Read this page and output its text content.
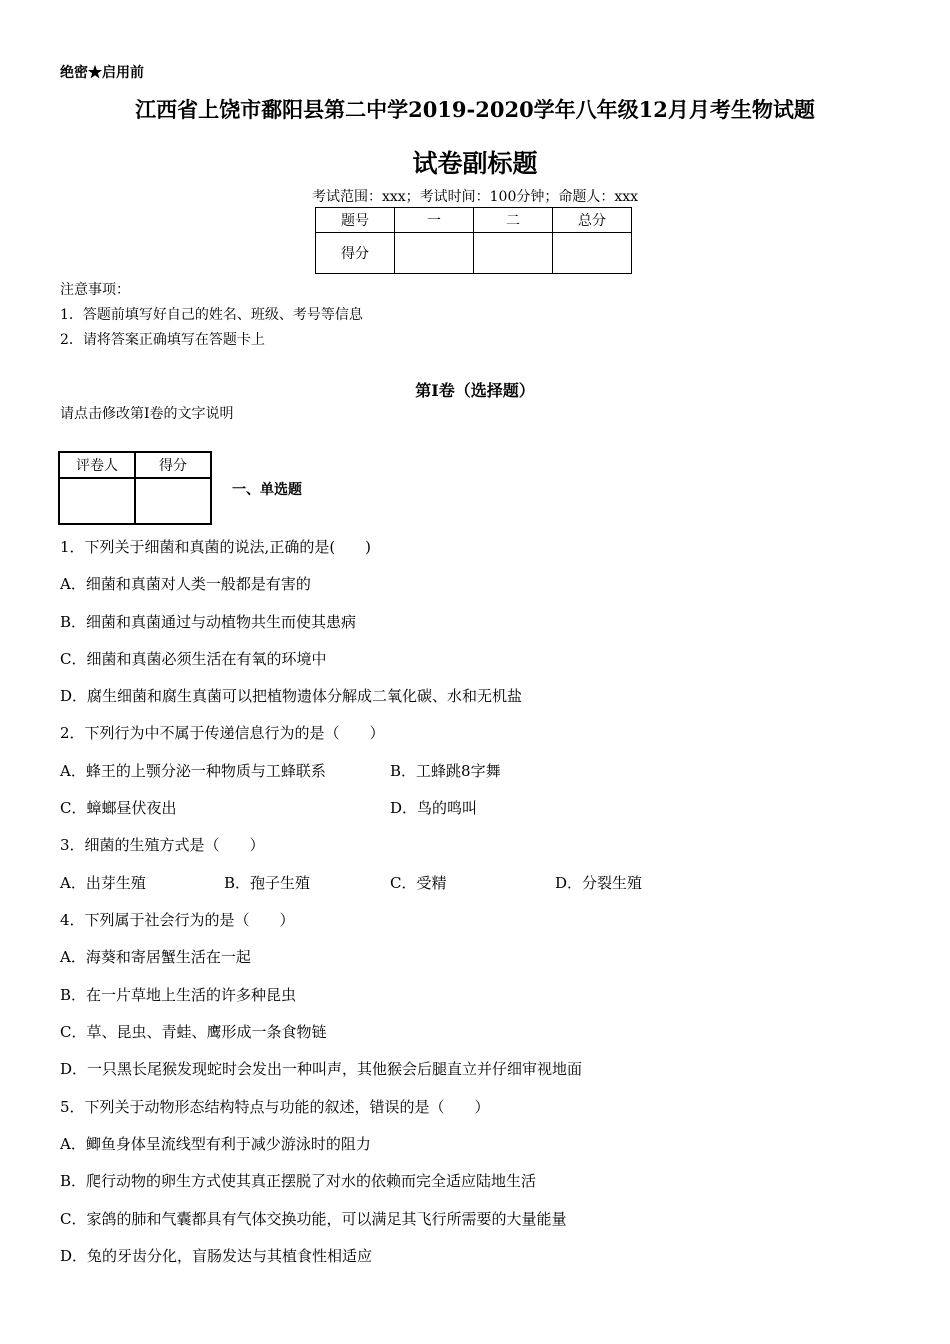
绝密★启用前
江西省上饶市鄱阳县第二中学2019-2020学年八年级12月月考生物试题
试卷副标题
考试范围：xxx；考试时间：100分钟；命题人：xxx
题号	一	二	总分
得分			
注意事项：
1．答题前填写好自己的姓名、班级、考号等信息
2．请将答案正确填写在答题卡上
第I卷（选择题）
请点击修改第I卷的文字说明
评卷人	得分

一、单选题
1．下列关于细菌和真菌的说法,正确的是(　　)
A．细菌和真菌对人类一般都是有害的
B．细菌和真菌通过与动植物共生而使其患病
C．细菌和真菌必须生活在有氧的环境中
D．腐生细菌和腐生真菌可以把植物遗体分解成二氧化碳、水和无机盐
2．下列行为中不属于传递信息行为的是（　　）
A．蜂王的上颚分泌一种物质与工蜂联系	B．工蜂跳8字舞
C．蟑螂昼伏夜出	D．鸟的鸣叫
3．细菌的生殖方式是（　　）
A．出芽生殖	B．孢子生殖	C．受精	D．分裂生殖
4．下列属于社会行为的是（　　）
A．海葵和寄居蟹生活在一起
B．在一片草地上生活的许多种昆虫
C．草、昆虫、青蛙、鹰形成一条食物链
D．一只黑长尾猴发现蛇时会发出一种叫声，其他猴会后腿直立并仔细审视地面
5．下列关于动物形态结构特点与功能的叙述，错误的是（　　）
A．鲫鱼身体呈流线型有利于减少游泳时的阻力
B．爬行动物的卵生方式使其真正摆脱了对水的依赖而完全适应陆地生活
C．家鸽的肺和气囊都具有气体交换功能，可以满足其飞行所需要的大量能量
D．兔的牙齿分化，盲肠发达与其植食性相适应
